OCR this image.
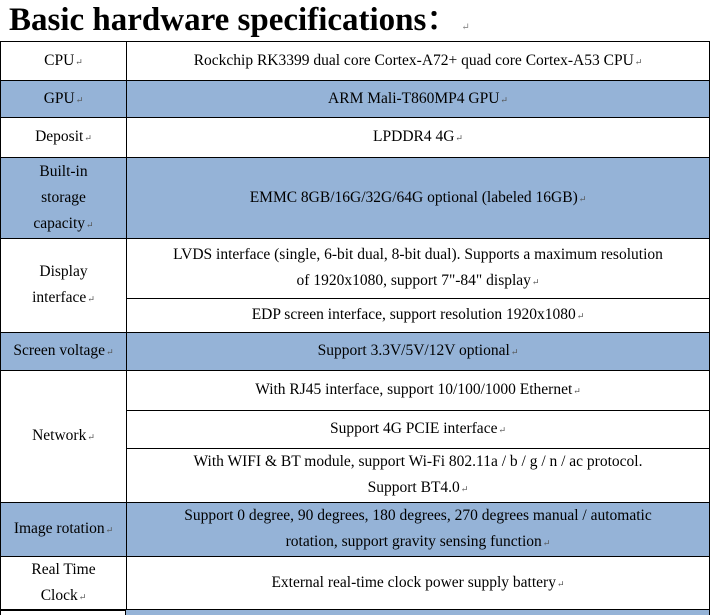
Basic hardware specifications： ↵
CPU↵	Rockchip RK3399 dual core Cortex-A72+ quad core Cortex-A53 CPU↵
GPU↵	ARM Mali-T860MP4 GPU↵
Deposit↵	LPDDR4 4G↵
Built-in
storage
capacity↵	EMMC 8GB/16G/32G/64G optional (labeled 16GB)↵
Display
interface↵	LVDS interface (single, 6-bit dual, 8-bit dual). Supports a maximum resolution
of 1920x1080, support 7"-84" display↵
	EDP screen interface, support resolution 1920x1080↵
Screen voltage↵	Support 3.3V/5V/12V optional↵
Network↵	With RJ45 interface, support 10/100/1000 Ethernet↵
	Support 4G PCIE interface↵
	With WIFI & BT module, support Wi-Fi 802.11a / b / g / n / ac protocol.
Support BT4.0↵
Image rotation↵	Support 0 degree, 90 degrees, 180 degrees, 270 degrees manual / automatic
rotation, support gravity sensing function↵
Real Time
Clock↵	External real-time clock power supply battery↵
